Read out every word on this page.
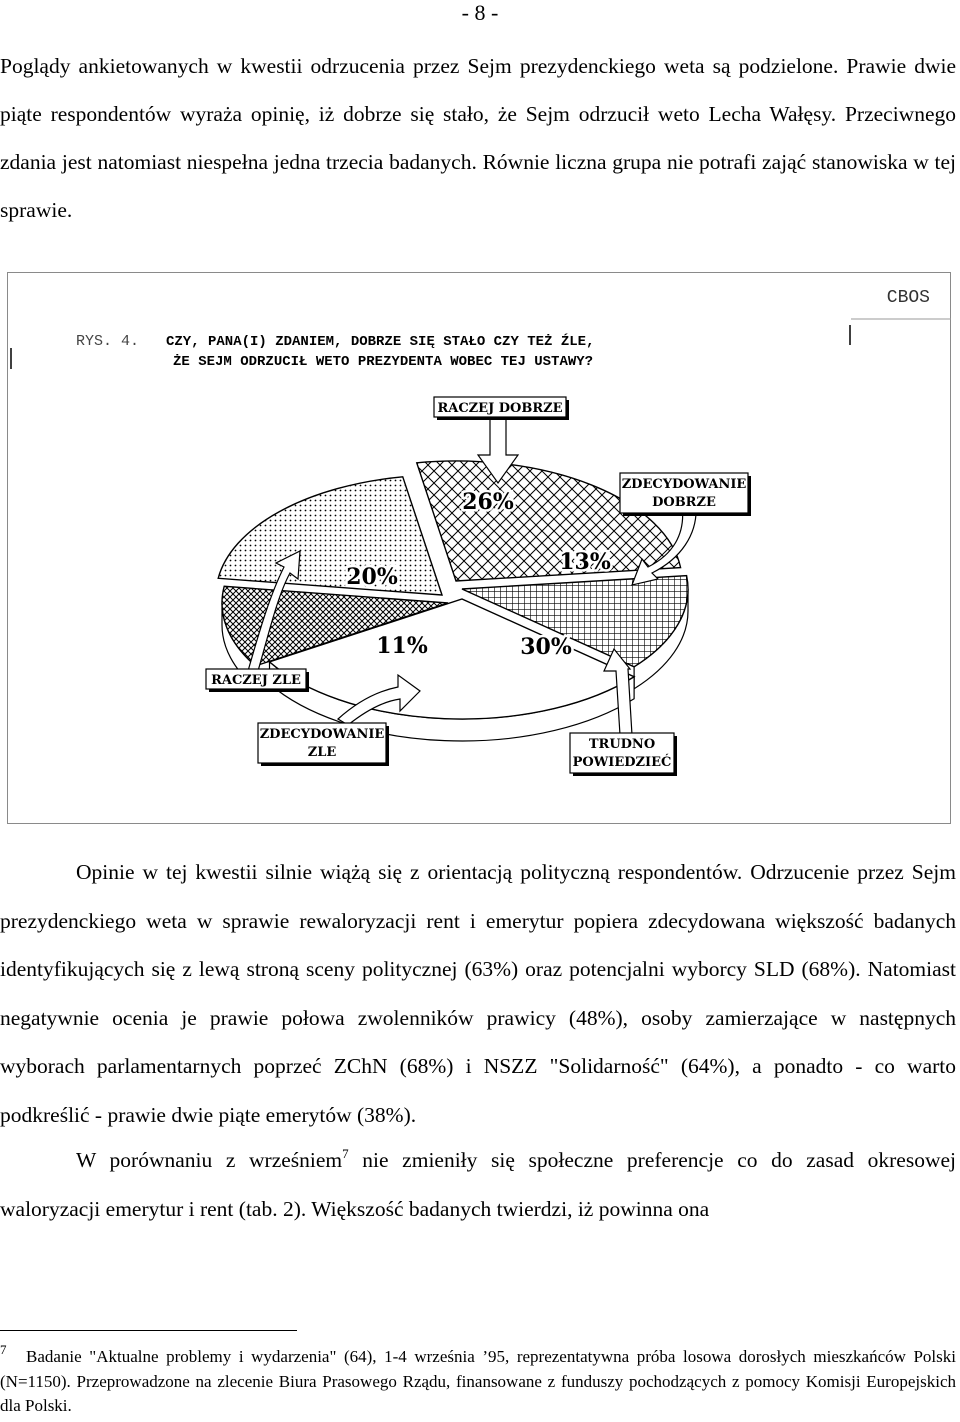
- 8 -

Poglądy ankietowanych w kwestii odrzucenia przez Sejm prezydenckiego weta są podzielone. Prawie dwie piąte respondentów wyraża opinię, iż dobrze się stało, że Sejm odrzucił weto Lecha Wałęsy. Przeciwnego zdania jest natomiast niespełna jedna trzecia badanych. Równie liczna grupa nie potrafi zająć stanowiska w tej sprawie.

CBOS
RYS. 4. CZY, PANA(I) ZDANIEM, DOBRZE SIĘ STAŁO CZY TEŻ ŹLE,
ŻE SEJM ODRZUCIŁ WETO PREZYDENTA WOBEC TEJ USTAWY?
RACZEJ DOBRZE
26%
ZDECYDOWANIE
DOBRZE
13%
TRUDNO
POWIEDZIEĆ
30%
ZDECYDOWANIE
ZLE
11%
RACZEJ ZLE
20%

Opinie w tej kwestii silnie wiążą się z orientacją polityczną respondentów. Odrzucenie przez Sejm prezydenckiego weta w sprawie rewaloryzacji rent i emerytur popiera zdecydowana większość badanych identyfikujących się z lewą stroną sceny politycznej (63%) oraz potencjalni wyborcy SLD (68%). Natomiast negatywnie ocenia je prawie połowa zwolenników prawicy (48%), osoby zamierzające w następnych wyborach parlamentarnych poprzeć ZChN (68%) i NSZZ "Solidarność" (64%), a ponadto - co warto podkreślić - prawie dwie piąte emerytów (38%).

W porównaniu z wrześniem$^7$ nie zmieniły się społeczne preferencje co do zasad okresowej waloryzacji emerytur i rent (tab. 2). Większość badanych twierdzi, iż powinna ona

7 Badanie "Aktualne problemy i wydarzenia" (64), 1-4 września ’95, reprezentatywna próba losowa dorosłych mieszkańców Polski (N=1150). Przeprowadzone na zlecenie Biura Prasowego Rządu, finansowane z funduszy pochodzących z pomocy Komisji Europejskich dla Polski.
